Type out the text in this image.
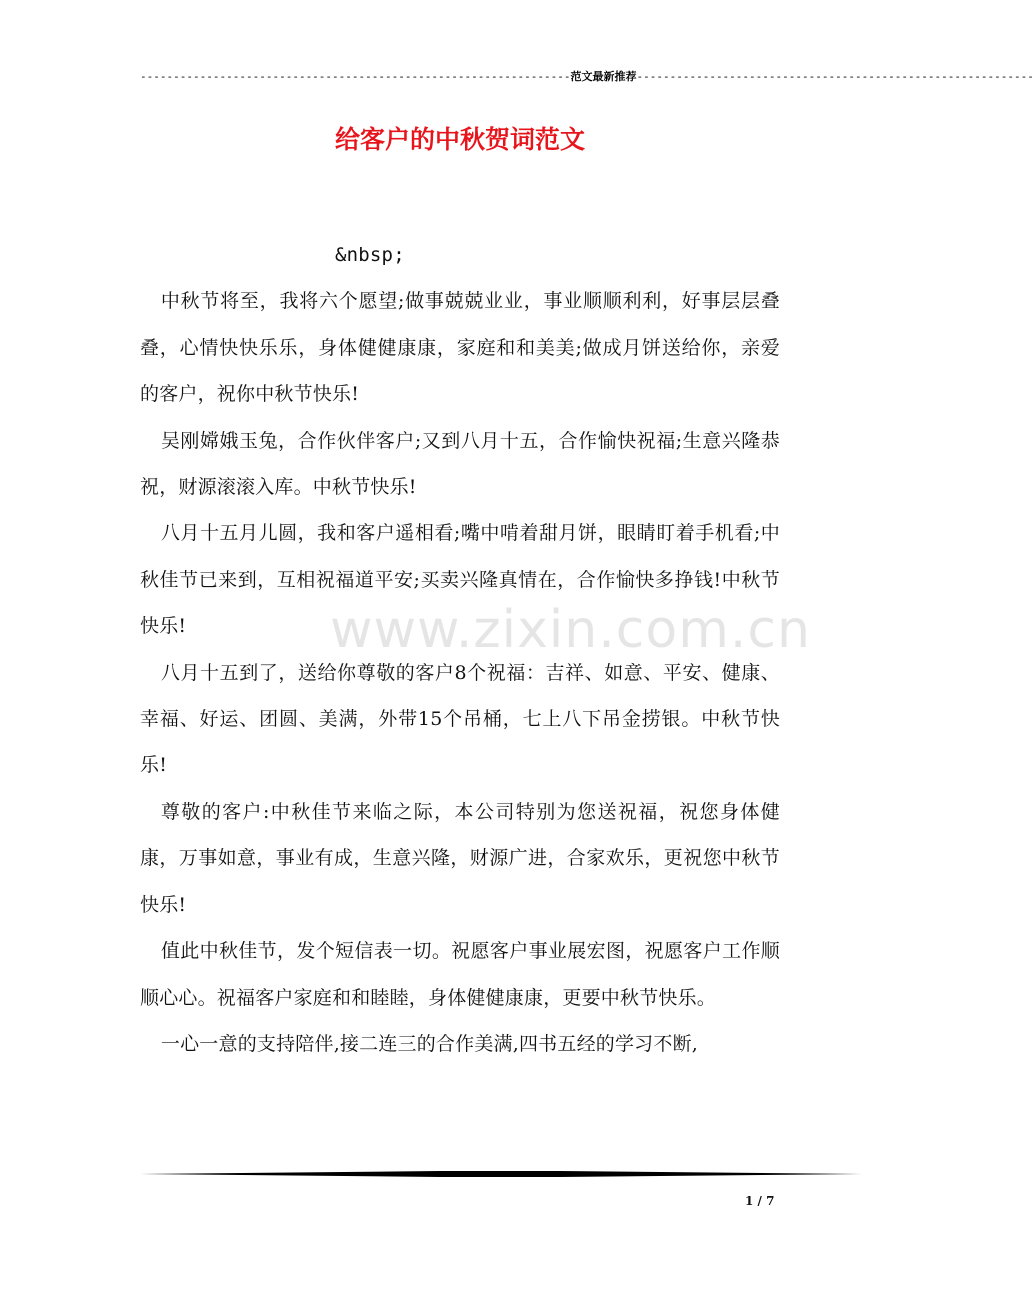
-----------------------------------------------------------------范文最新推荐------------------------------------------------------------
给客户的中秋贺词范文

&nbsp;

中秋节将至，我将六个愿望;做事兢兢业业，事业顺顺利利，好事层层叠叠，心情快快乐乐，身体健健康康，家庭和和美美;做成月饼送给你，亲爱的客户，祝你中秋节快乐!

吴刚嫦娥玉兔，合作伙伴客户;又到八月十五，合作愉快祝福;生意兴隆恭祝，财源滚滚入库。中秋节快乐!

八月十五月儿圆，我和客户遥相看;嘴中啃着甜月饼，眼睛盯着手机看;中秋佳节已来到，互相祝福道平安;买卖兴隆真情在，合作愉快多挣钱!中秋节快乐!

八月十五到了，送给你尊敬的客户8个祝福：吉祥、如意、平安、健康、幸福、好运、团圆、美满，外带15个吊桶，七上八下吊金捞银。中秋节快乐!

尊敬的客户:中秋佳节来临之际，本公司特别为您送祝福，祝您身体健康，万事如意，事业有成，生意兴隆，财源广进，合家欢乐，更祝您中秋节快乐!

值此中秋佳节，发个短信表一切。祝愿客户事业展宏图，祝愿客户工作顺顺心心。祝福客户家庭和和睦睦，身体健健康康，更要中秋节快乐。

一心一意的支持陪伴,接二连三的合作美满,四书五经的学习不断,

www.zixin.com.cn
1 / 7
